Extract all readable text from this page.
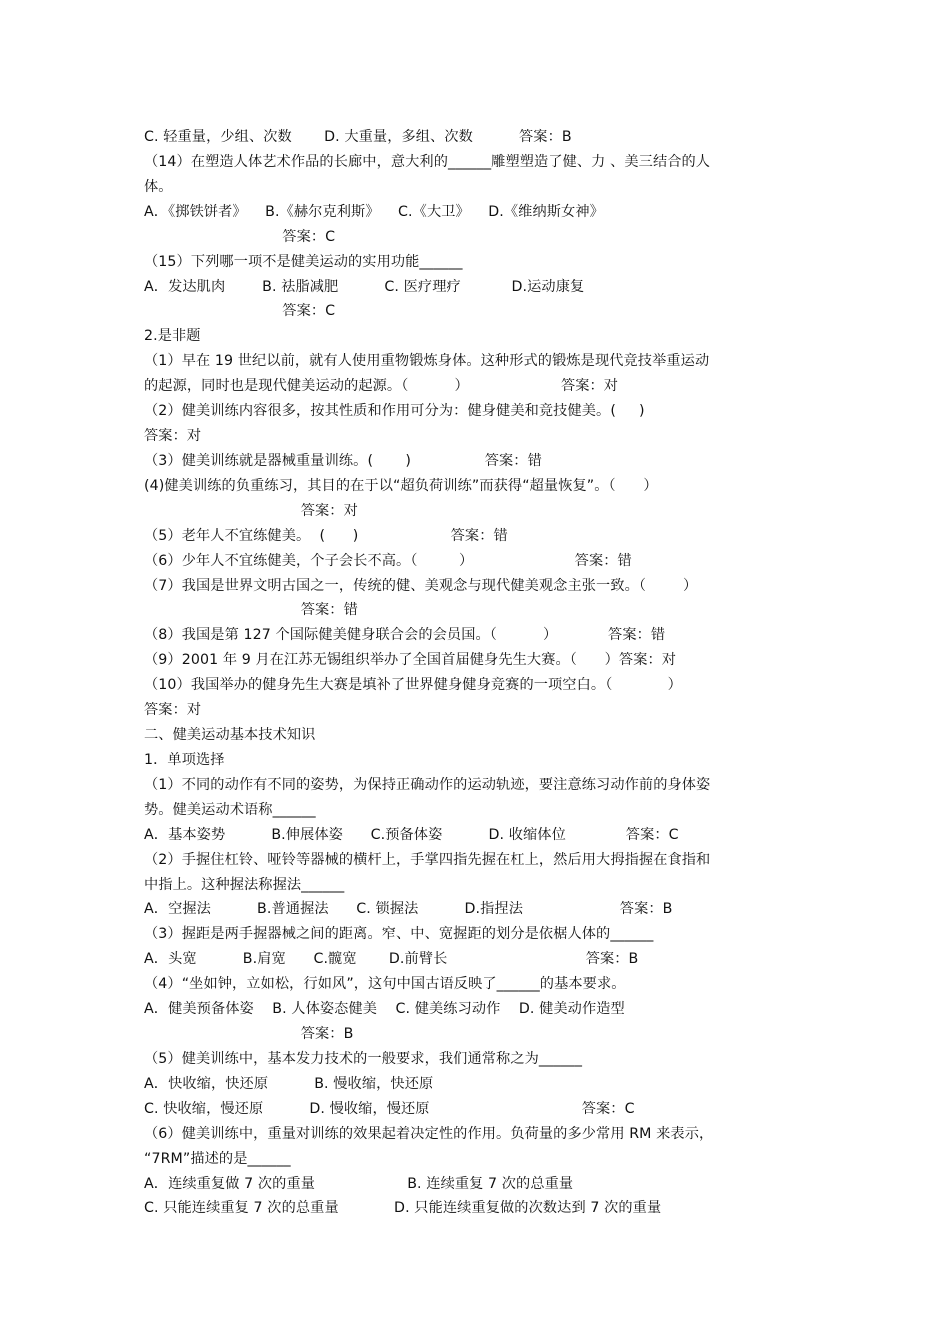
C. 轻重量，少组、次数       D. 大重量，多组、次数          答案：B
（14）在塑造人体艺术作品的长廊中，意大利的______雕塑塑造了健、力 、美三结合的人
体。
A．《掷铁饼者》    B.《赫尔克利斯》    C.《大卫》    D.《维纳斯女神》
答案：C
（15）下列哪一项不是健美运动的实用功能______
A．发达肌肉        B. 祛脂减肥          C. 医疗理疗           D.运动康复
答案：C
2.是非题
（1）早在 19 世纪以前，就有人使用重物锻炼身体。这种形式的锻炼是现代竞技举重运动
的起源，同时也是现代健美运动的起源。（          ）                    答案：对
（2）健美训练内容很多，按其性质和作用可分为：健身健美和竞技健美。(     )
答案：对
（3）健美训练就是器械重量训练。(       )                答案：错
(4)健美训练的负重练习，其目的在于以“超负荷训练”而获得“超量恢复”。（      ）
答案：对
（5）老年人不宜练健美。  (      )                    答案：错
（6）少年人不宜练健美，个子会长不高。（         ）                      答案：错
（7）我国是世界文明古国之一，传统的健、美观念与现代健美观念主张一致。（        ）
答案：错
（8）我国是第 127 个国际健美健身联合会的会员国。（          ）           答案：错
（9）2001 年 9 月在江苏无锡组织举办了全国首届健身先生大赛。（      ）答案：对
（10）我国举办的健身先生大赛是填补了世界健身健身竞赛的一项空白。（            ）
答案：对
二、健美运动基本技术知识
1．单项选择
（1）不同的动作有不同的姿势，为保持正确动作的运动轨迹，要注意练习动作前的身体姿
势。健美运动术语称______
A．基本姿势          B.伸展体姿      C.预备体姿          D. 收缩体位             答案：C
（2）手握住杠铃、哑铃等器械的横杆上，手掌四指先握在杠上，然后用大拇指握在食指和
中指上。这种握法称握法______
A．空握法          B.普通握法      C. 锁握法          D.指捏法                     答案：B
（3）握距是两手握器械之间的距离。窄、中、宽握距的划分是依椐人体的______
A．头宽          B.肩宽      C.髋宽       D.前臂长                              答案：B
（4）“坐如钟，立如松，行如风”，这句中国古语反映了______的基本要求。
A．健美预备体姿    B. 人体姿态健美    C. 健美练习动作    D. 健美动作造型
答案：B
（5）健美训练中，基本发力技术的一般要求，我们通常称之为______
A．快收缩，快还原          B. 慢收缩，快还原
C. 快收缩，慢还原          D. 慢收缩，慢还原                                 答案：C
（6）健美训练中，重量对训练的效果起着决定性的作用。负荷量的多少常用 RM 来表示，
“7RM”描述的是______
A．连续重复做 7 次的重量                    B. 连续重复 7 次的总重量
C. 只能连续重复 7 次的总重量            D. 只能连续重复做的次数达到 7 次的重量
